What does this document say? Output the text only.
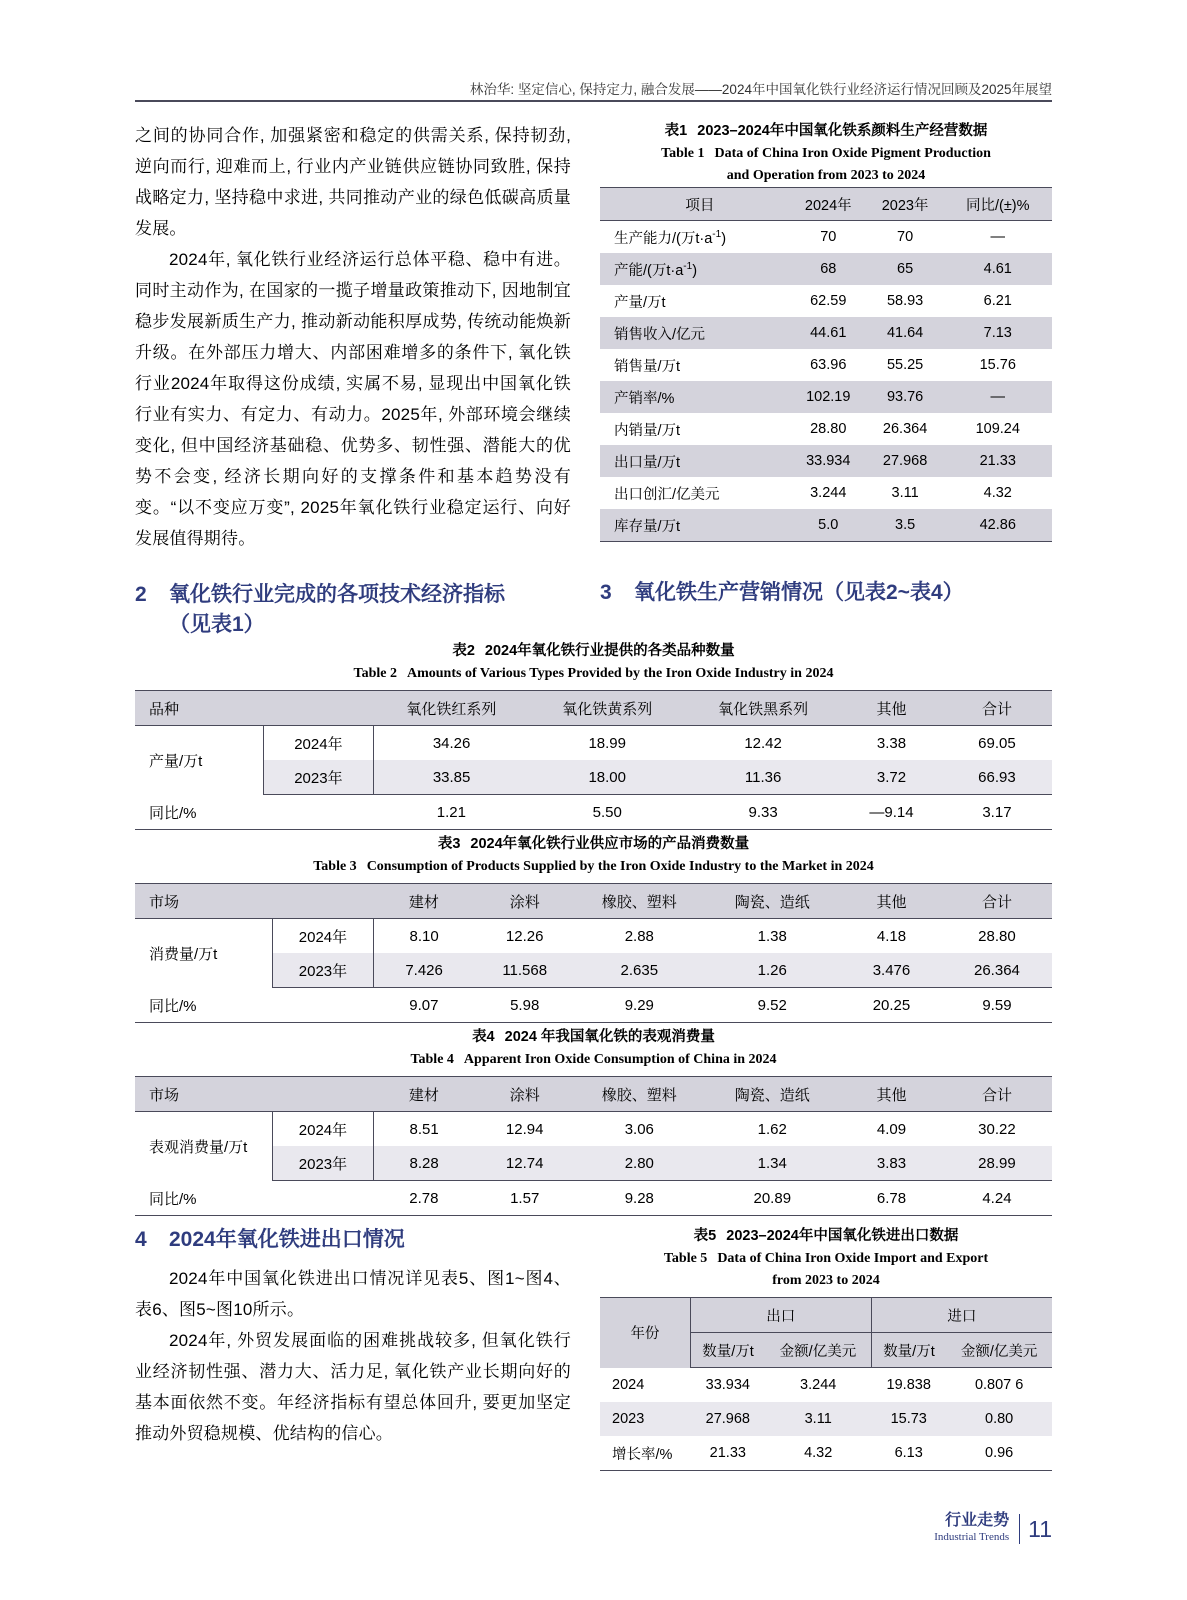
林治华: 坚定信心, 保持定力, 融合发展——2024年中国氧化铁行业经济运行情况回顾及2025年展望

之间的协同合作, 加强紧密和稳定的供需关系, 保持韧劲, 逆向而行, 迎难而上, 行业内产业链供应链协同致胜, 保持战略定力, 坚持稳中求进, 共同推动产业的绿色低碳高质量发展。

2024年, 氧化铁行业经济运行总体平稳、稳中有进。同时主动作为, 在国家的一揽子增量政策推动下, 因地制宜稳步发展新质生产力, 推动新动能积厚成势, 传统动能焕新升级。在外部压力增大、内部困难增多的条件下, 氧化铁行业2024年取得这份成绩, 实属不易, 显现出中国氧化铁行业有实力、有定力、有动力。2025年, 外部环境会继续变化, 但中国经济基础稳、优势多、韧性强、潜能大的优势不会变, 经济长期向好的支撑条件和基本趋势没有变。“以不变应万变”, 2025年氧化铁行业稳定运行、向好发展值得期待。

2 氧化铁行业完成的各项技术经济指标
（见表1）
表1 2023–2024年中国氧化铁系颜料生产经营数据
Table 1 Data of China Iron Oxide Pigment Production
and Operation from 2023 to 2024
项目	2024年	2023年	同比/(±)%
生产能力/(万$t\cdot a^{-1}$)	70	70	—
产能/(万$t\cdot a^{-1}$)	68	65	4.61
产量/万t	62.59	58.93	6.21
销售收入/亿元	44.61	41.64	7.13
销售量/万t	63.96	55.25	15.76
产销率/%	102.19	93.76	—
内销量/万t	28.80	26.364	109.24
出口量/万t	33.934	27.968	21.33
出口创汇/亿美元	3.244	3.11	4.32
库存量/万t	5.0	3.5	42.86
3 氧化铁生产营销情况（见表2~表4）
表2 2024年氧化铁行业提供的各类品种数量
Table 2 Amounts of Various Types Provided by the Iron Oxide Industry in 2024
品种		氧化铁红系列	氧化铁黄系列	氧化铁黑系列	其他	合计
产量/万t	2024年	34.26	18.99	12.42	3.38	69.05
	2023年	33.85	18.00	11.36	3.72	66.93
同比/%		1.21	5.50	9.33	—9.14	3.17
表3 2024年氧化铁行业供应市场的产品消费数量
Table 3 Consumption of Products Supplied by the Iron Oxide Industry to the Market in 2024
市场		建材	涂料	橡胶、塑料	陶瓷、造纸	其他	合计
消费量/万t	2024年	8.10	12.26	2.88	1.38	4.18	28.80
	2023年	7.426	11.568	2.635	1.26	3.476	26.364
同比/%		9.07	5.98	9.29	9.52	20.25	9.59
表4 2024 年我国氧化铁的表观消费量
Table 4 Apparent Iron Oxide Consumption of China in 2024
市场		建材	涂料	橡胶、塑料	陶瓷、造纸	其他	合计
表观消费量/万t	2024年	8.51	12.94	3.06	1.62	4.09	30.22
	2023年	8.28	12.74	2.80	1.34	3.83	28.99
同比/%		2.78	1.57	9.28	20.89	6.78	4.24
4 2024年氧化铁进出口情况

2024年中国氧化铁进出口情况详见表5、图1~图4、表6、图5~图10所示。

2024年, 外贸发展面临的困难挑战较多, 但氧化铁行业经济韧性强、潜力大、活力足, 氧化铁产业长期向好的基本面依然不变。年经济指标有望总体回升, 要更加坚定推动外贸稳规模、优结构的信心。

表5 2023–2024年中国氧化铁进出口数据
Table 5 Data of China Iron Oxide Import and Export
from 2023 to 2024
年份	出口		进口	
	数量/万t	金额/亿美元	数量/万t	金额/亿美元
2024	33.934	3.244	19.838	0.807 6
2023	27.968	3.11	15.73	0.80
增长率/%	21.33	4.32	6.13	0.96
行业走势
Industrial Trends 11
